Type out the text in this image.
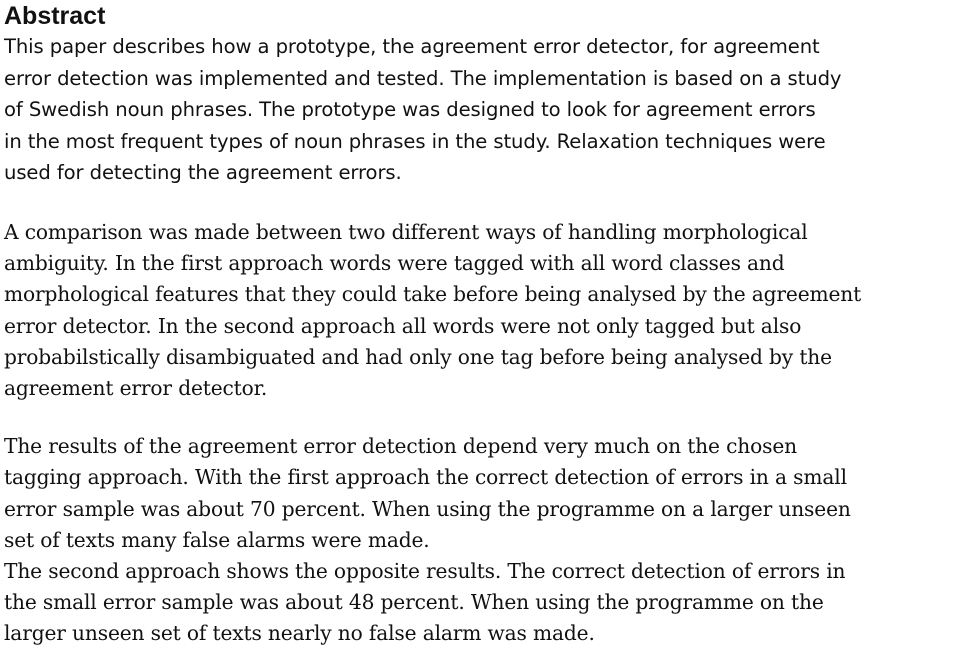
Abstract
This paper describes how a prototype, the agreement error detector, for agreement
error detection was implemented and tested. The implementation is based on a study
of Swedish noun phrases. The prototype was designed to look for agreement errors
in the most frequent types of noun phrases in the study. Relaxation techniques were
used for detecting the agreement errors.
A comparison was made between two different ways of handling morphological
ambiguity. In the first approach words were tagged with all word classes and
morphological features that they could take before being analysed by the agreement
error detector. In the second approach all words were not only tagged but also
probabilstically disambiguated and had only one tag before being analysed by the
agreement error detector.
The results of the agreement error detection depend very much on the chosen
tagging approach. With the first approach the correct detection of errors in a small
error sample was about 70 percent. When using the programme on a larger unseen
set of texts many false alarms were made.
The second approach shows the opposite results. The correct detection of errors in
the small error sample was about 48 percent. When using the programme on the
larger unseen set of texts nearly no false alarm was made.
